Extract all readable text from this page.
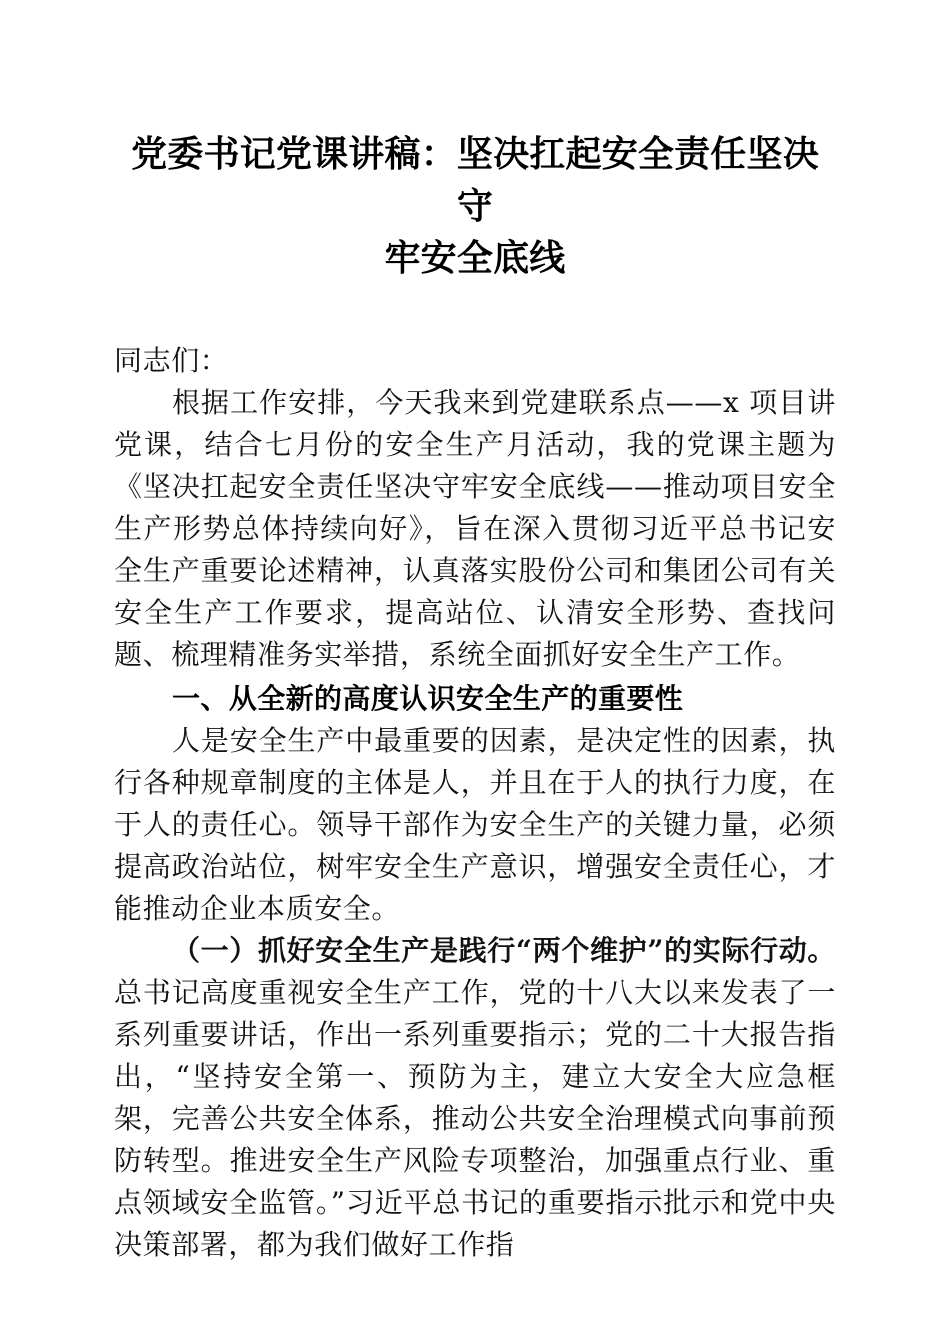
党委书记党课讲稿：坚决扛起安全责任坚决守
牢安全底线

同志们：

根据工作安排，今天我来到党建联系点——x 项目讲党课，结合七月份的安全生产月活动，我的党课主题为《坚决扛起安全责任坚决守牢安全底线——推动项目安全生产形势总体持续向好》，旨在深入贯彻习近平总书记安全生产重要论述精神，认真落实股份公司和集团公司有关安全生产工作要求，提高站位、认清安全形势、查找问题、梳理精准务实举措，系统全面抓好安全生产工作。

一、从全新的高度认识安全生产的重要性

人是安全生产中最重要的因素，是决定性的因素，执行各种规章制度的主体是人，并且在于人的执行力度，在于人的责任心。领导干部作为安全生产的关键力量，必须提高政治站位，树牢安全生产意识，增强安全责任心，才能推动企业本质安全。

（一）抓好安全生产是践行“两个维护”的实际行动。总书记高度重视安全生产工作，党的十八大以来发表了一系列重要讲话，作出一系列重要指示；党的二十大报告指出，“坚持安全第一、预防为主，建立大安全大应急框架，完善公共安全体系，推动公共安全治理模式向事前预防转型。推进安全生产风险专项整治，加强重点行业、重点领域安全监管。”习近平总书记的重要指示批示和党中央决策部署，都为我们做好工作指
